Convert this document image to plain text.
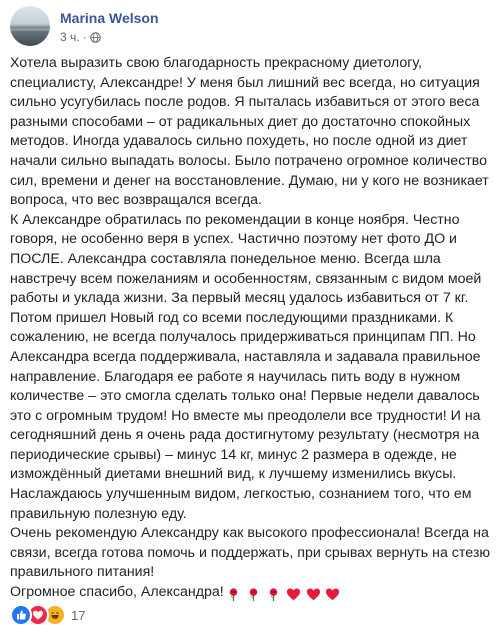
Marina Welson
3 ч. ·

Хотела выразить свою благодарность прекрасному диетологу, специалисту, Александре! У меня был лишний вес всегда, но ситуация сильно усугубилась после родов. Я пыталась избавиться от этого веса разными способами – от радикальных диет до достаточно спокойных методов. Иногда удавалось сильно похудеть, но после одной из диет начали сильно выпадать волосы. Было потрачено огромное количество сил, времени и денег на восстановление. Думаю, ни у кого не возникает вопроса, что вес возвращался всегда.

К Александре обратилась по рекомендации в конце ноября. Честно говоря, не особенно веря в успех. Частично поэтому нет фото ДО и ПОСЛЕ. Александра составляла понедельное меню. Всегда шла навстречу всем пожеланиям и особенностям, связанным с видом моей работы и уклада жизни. За первый месяц удалось избавиться от 7 кг. Потом пришел Новый год со всеми последующими праздниками. К сожалению, не всегда получалось придерживаться принципам ПП. Но Александра всегда поддерживала, наставляла и задавала правильное направление. Благодаря ее работе я научилась пить воду в нужном количестве – это смогла сделать только она! Первые недели давалось это с огромным трудом! Но вместе мы преодолели все трудности! И на сегодняшний день я очень рада достигнутому результату (несмотря на периодические срывы) – минус 14 кг, минус 2 размера в одежде, не измождённый диетами внешний вид, к лучшему изменились вкусы. Наслаждаюсь улучшенным видом, легкостью, сознанием того, что ем правильную полезную еду.

Очень рекомендую Александру как высокого профессионала! Всегда на связи, всегда готова помочь и поддержать, при срывах вернуть на стезю правильного питания!

Огромное спасибо, Александра!

17
